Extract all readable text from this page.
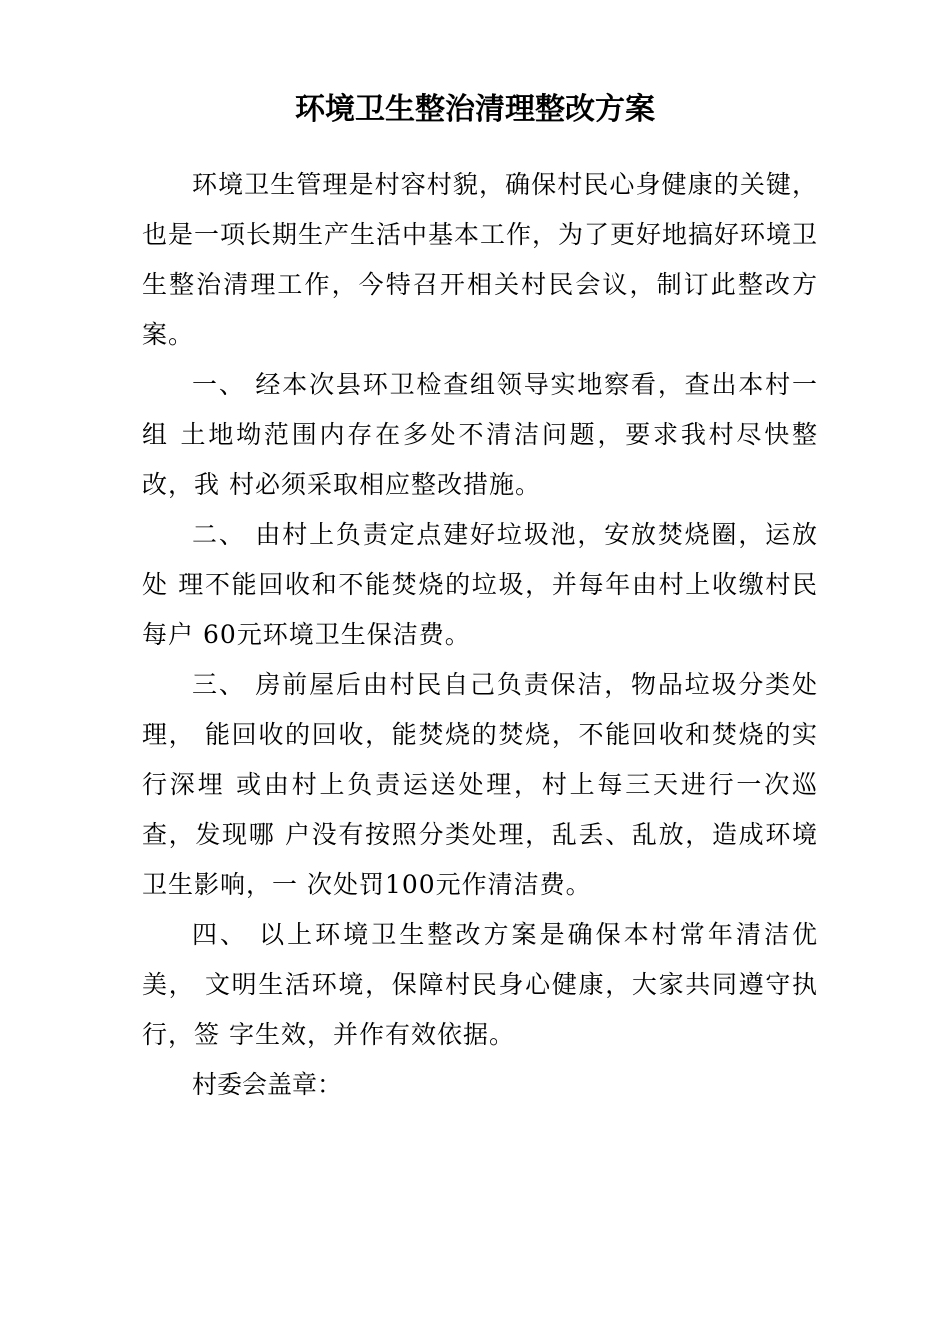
环境卫生整治清理整改方案

环境卫生管理是村容村貌，确保村民心身健康的关键，也是一项长期生产生活中基本工作，为了更好地搞好环境卫生整治清理工作，今特召开相关村民会议，制订此整改方案。

一、 经本次县环卫检查组领导实地察看，查出本村一组 土地坳范围内存在多处不清洁问题，要求我村尽快整改，我 村必须采取相应整改措施。

二、 由村上负责定点建好垃圾池，安放焚烧圈，运放处 理不能回收和不能焚烧的垃圾，并每年由村上收缴村民每户 60元环境卫生保洁费。

三、 房前屋后由村民自己负责保洁，物品垃圾分类处理， 能回收的回收，能焚烧的焚烧，不能回收和焚烧的实行深埋 或由村上负责运送处理，村上每三天进行一次巡查，发现哪 户没有按照分类处理，乱丢、乱放，造成环境卫生影响，一 次处罚100元作清洁费。

四、 以上环境卫生整改方案是确保本村常年清洁优美， 文明生活环境，保障村民身心健康，大家共同遵守执行，签 字生效，并作有效依据。

村委会盖章：
